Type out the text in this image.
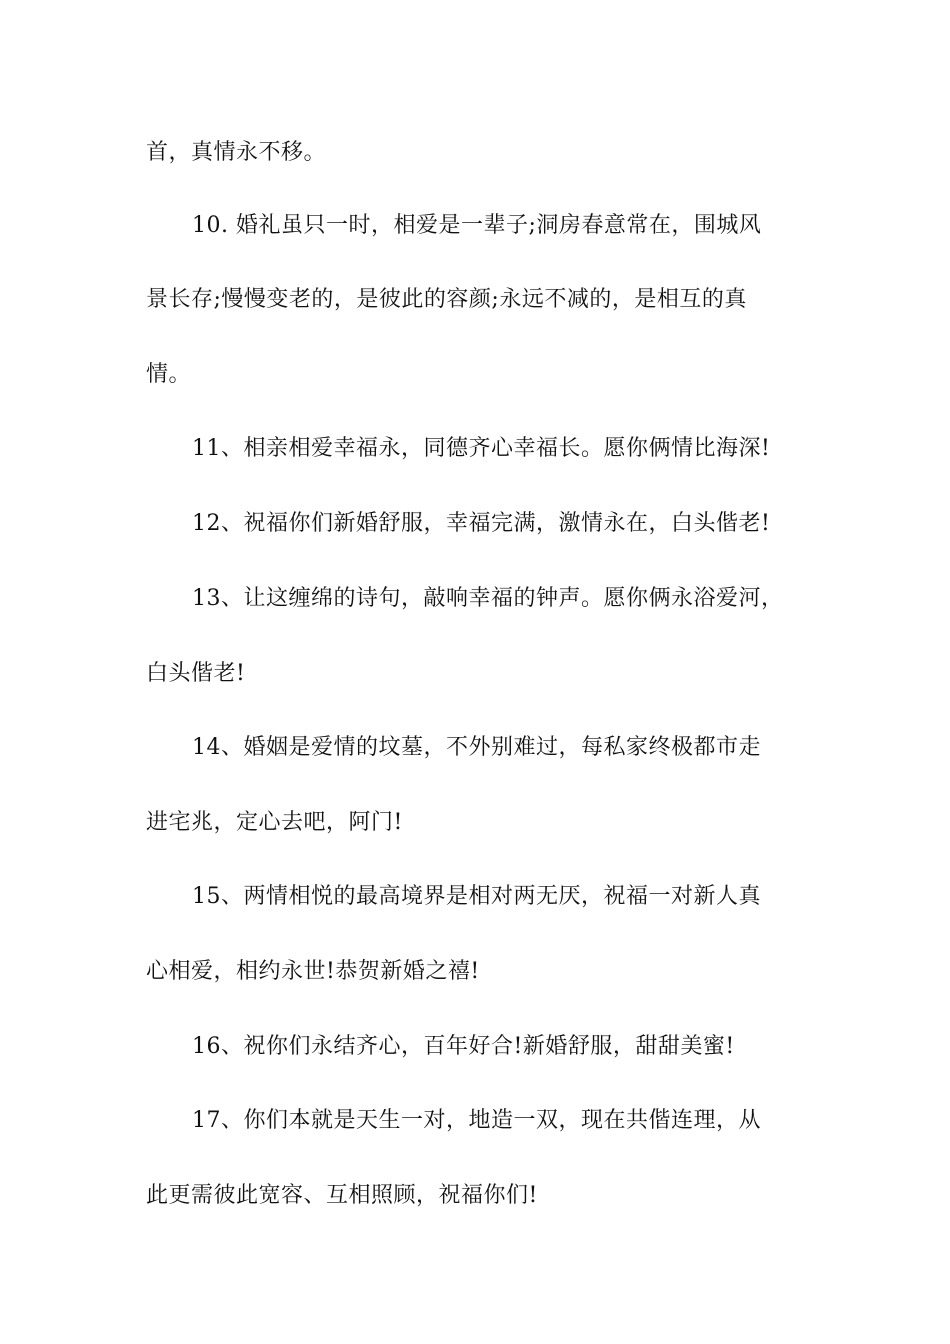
首，真情永不移。

10. 婚礼虽只一时，相爱是一辈子;洞房春意常在，围城风

景长存;慢慢变老的，是彼此的容颜;永远不减的，是相互的真

情。

11、相亲相爱幸福永，同德齐心幸福长。愿你俩情比海深!

12、祝福你们新婚舒服，幸福完满，激情永在，白头偕老!

13、让这缠绵的诗句，敲响幸福的钟声。愿你俩永浴爱河，

白头偕老!

14、婚姻是爱情的坟墓，不外别难过，每私家终极都市走

进宅兆，定心去吧，阿门!

15、两情相悦的最高境界是相对两无厌，祝福一对新人真

心相爱，相约永世!恭贺新婚之禧!

16、祝你们永结齐心，百年好合!新婚舒服，甜甜美蜜!

17、你们本就是天生一对，地造一双，现在共偕连理，从

此更需彼此宽容、互相照顾，祝福你们!
